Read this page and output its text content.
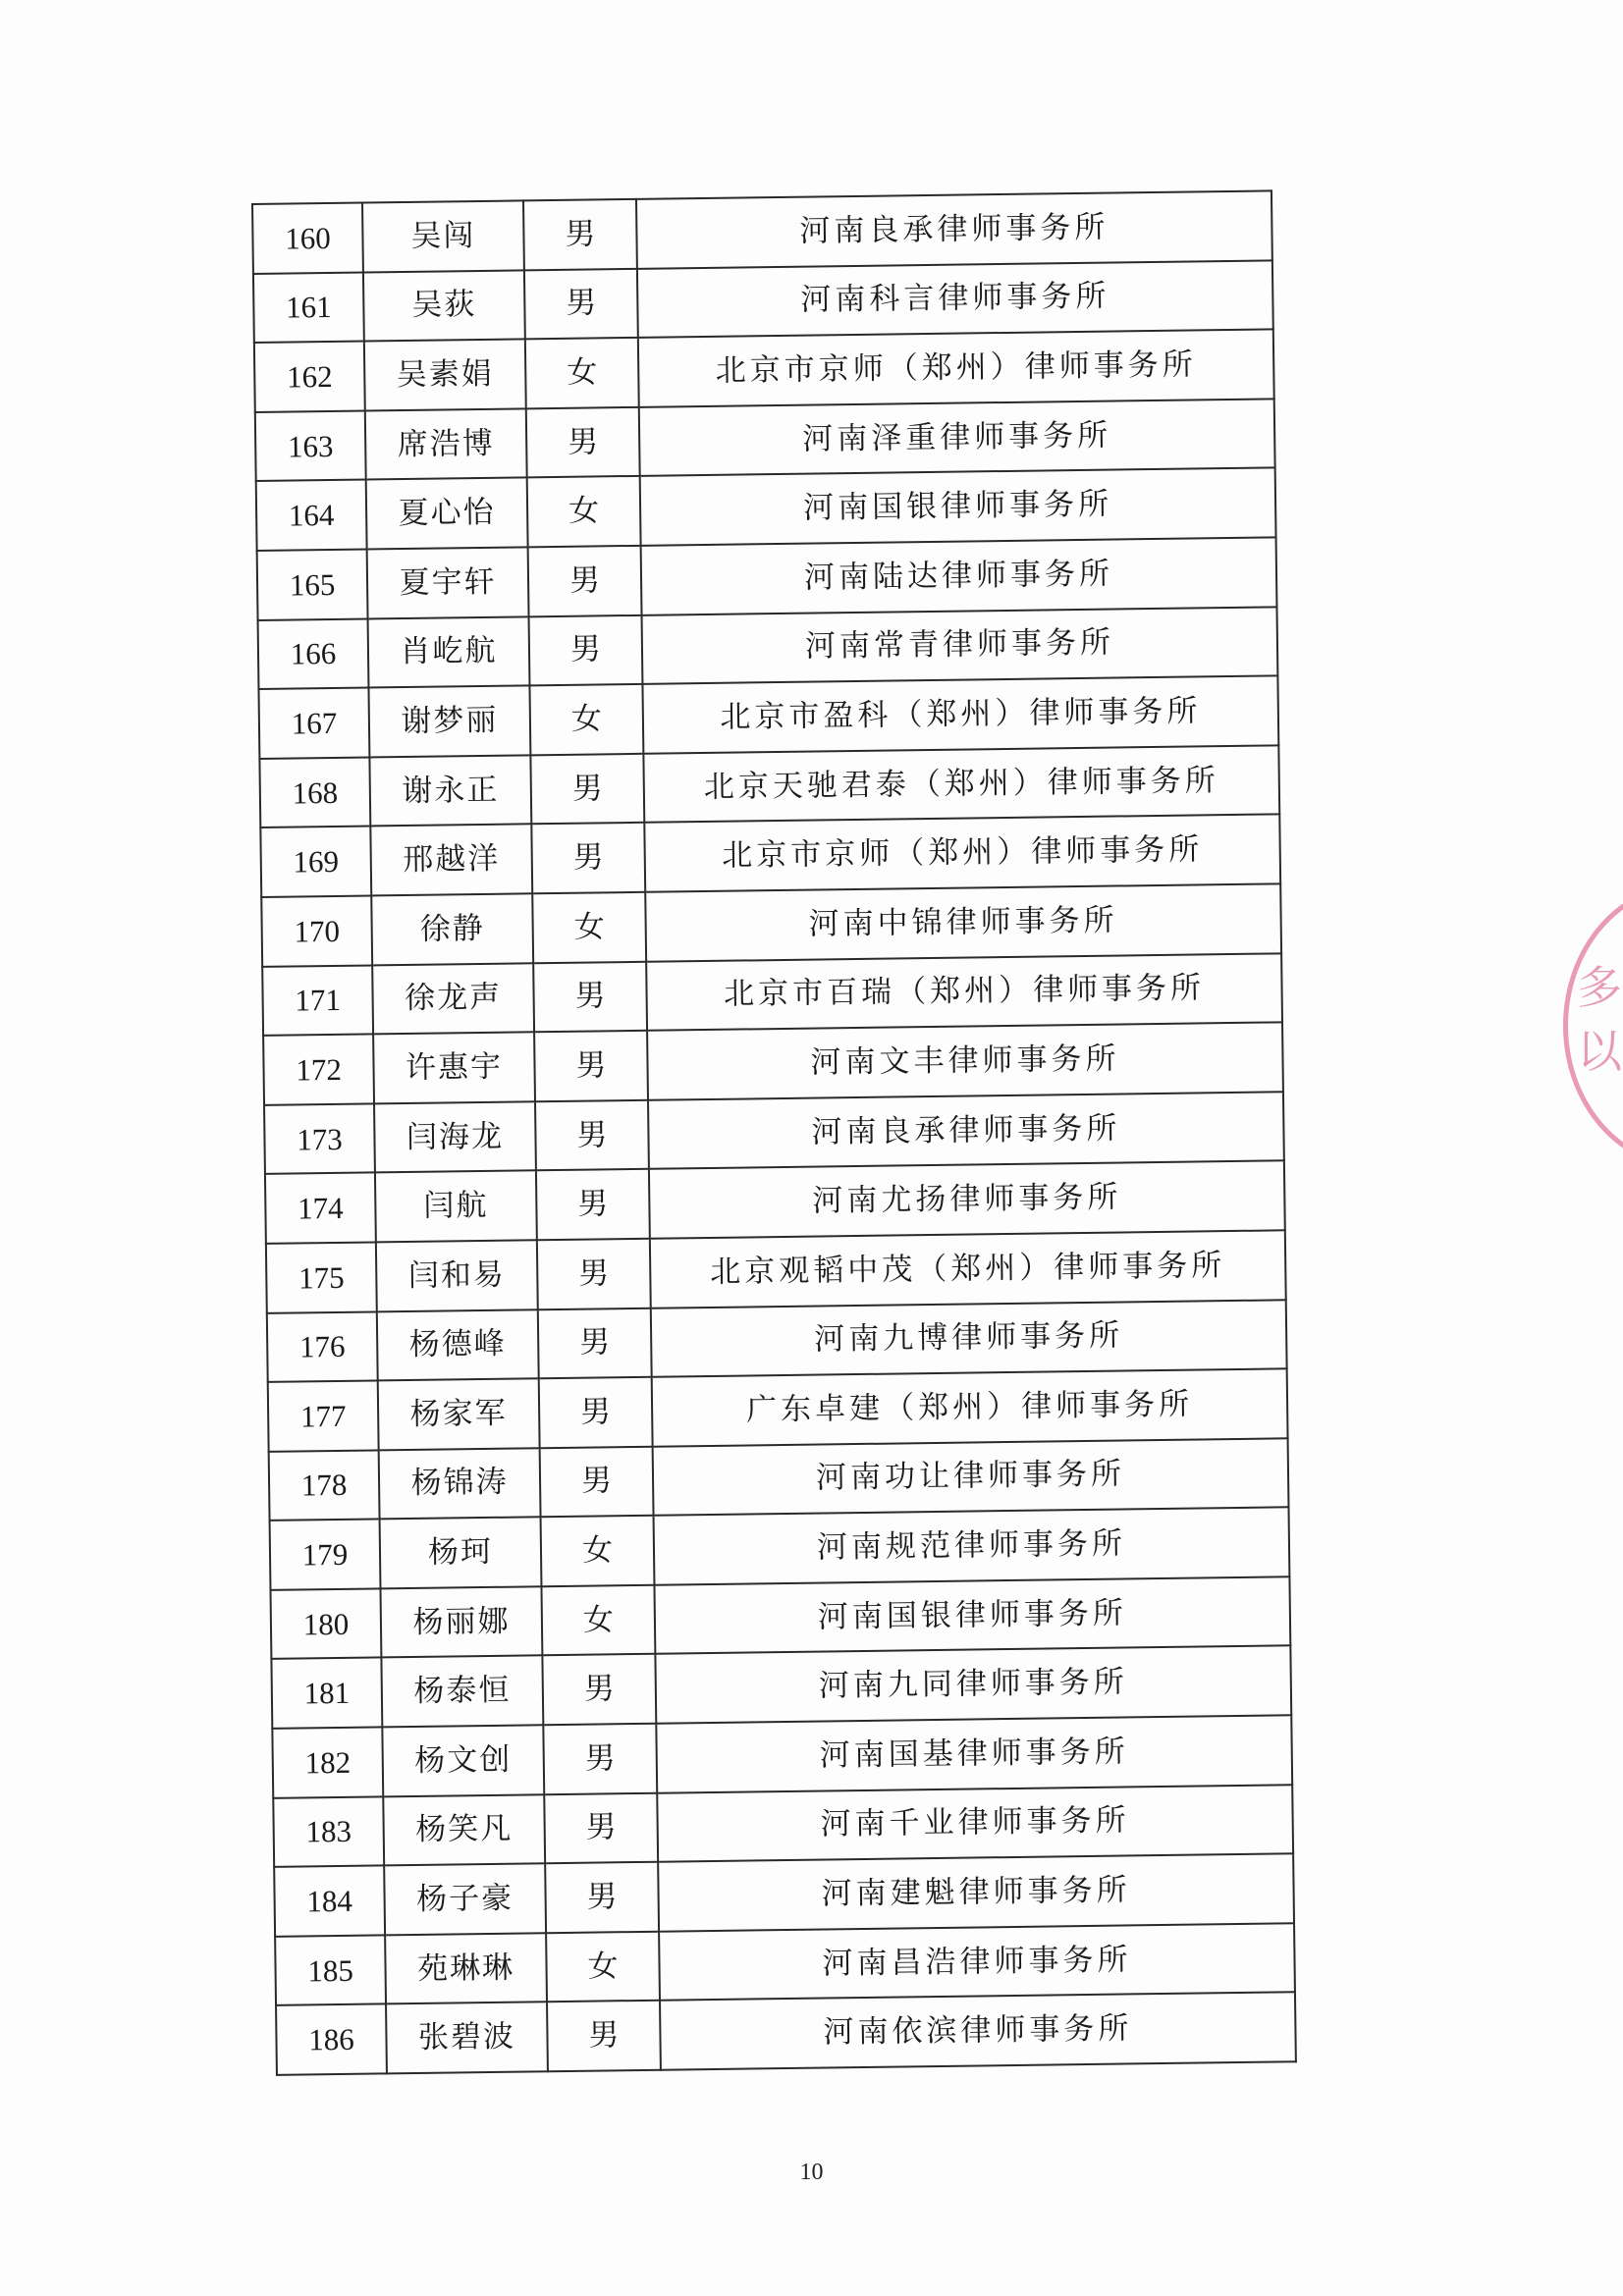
160	吴闯	男	河南良承律师事务所
161	吴荻	男	河南科言律师事务所
162	吴素娟	女	北京市京师（郑州）律师事务所
163	席浩博	男	河南泽重律师事务所
164	夏心怡	女	河南国银律师事务所
165	夏宇轩	男	河南陆达律师事务所
166	肖屹航	男	河南常青律师事务所
167	谢梦丽	女	北京市盈科（郑州）律师事务所
168	谢永正	男	北京天驰君泰（郑州）律师事务所
169	邢越洋	男	北京市京师（郑州）律师事务所
170	徐静	女	河南中锦律师事务所
171	徐龙声	男	北京市百瑞（郑州）律师事务所
172	许惠宇	男	河南文丰律师事务所
173	闫海龙	男	河南良承律师事务所
174	闫航	男	河南尤扬律师事务所
175	闫和易	男	北京观韬中茂（郑州）律师事务所
176	杨德峰	男	河南九博律师事务所
177	杨家军	男	广东卓建（郑州）律师事务所
178	杨锦涛	男	河南功让律师事务所
179	杨珂	女	河南规范律师事务所
180	杨丽娜	女	河南国银律师事务所
181	杨泰恒	男	河南九同律师事务所
182	杨文创	男	河南国基律师事务所
183	杨笑凡	男	河南千业律师事务所
184	杨子豪	男	河南建魁律师事务所
185	苑琳琳	女	河南昌浩律师事务所
186	张碧波	男	河南依滨律师事务所
多
以
10
